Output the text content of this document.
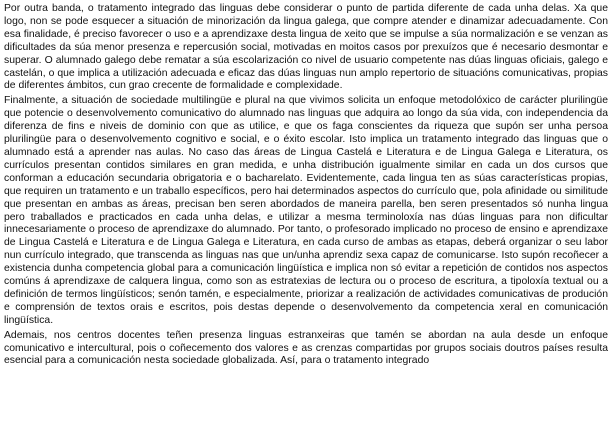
Por outra banda, o tratamento integrado das linguas debe considerar o punto de partida diferente de cada unha delas. Xa que logo, non se pode esquecer a situación de minorización da lingua galega, que compre atender e dinamizar adecuadamente. Con esa finalidade, é preciso favorecer o uso e a aprendizaxe desta lingua de xeito que se impulse a súa normalización e se venzan as dificultades da súa menor presenza e repercusión social, motivadas en moitos casos por prexuízos que é necesario desmontar e superar. O alumnado galego debe rematar a súa escolarización co nivel de usuario competente nas dúas linguas oficiais, galego e castelán, o que implica a utilización adecuada e eficaz das dúas linguas nun amplo repertorio de situacións comunicativas, propias de diferentes ámbitos, cun grao crecente de formalidade e complexidade.

Finalmente, a situación de sociedade multilingüe e plural na que vivimos solicita un enfoque metodolóxico de carácter plurilingüe que potencie o desenvolvemento comunicativo do alumnado nas linguas que adquira ao longo da súa vida, con independencia da diferenza de fins e niveis de dominio con que as utilice, e que os faga conscientes da riqueza que supón ser unha persoa plurilingüe para o desenvolvemento cognitivo e social, e o éxito escolar. Isto implica un tratamento integrado das linguas que o alumnado está a aprender nas aulas. No caso das áreas de Lingua Castelá e Literatura e de Lingua Galega e Literatura, os currículos presentan contidos similares en gran medida, e unha distribución igualmente similar en cada un dos cursos que conforman a educación secundaria obrigatoria e o bacharelato. Evidentemente, cada lingua ten as súas características propias, que requiren un tratamento e un traballo específicos, pero hai determinados aspectos do currículo que, pola afinidade ou similitude que presentan en ambas as áreas, precisan ben seren abordados de maneira parella, ben seren presentados só nunha lingua pero traballados e practicados en cada unha delas, e utilizar a mesma terminoloxía nas dúas linguas para non dificultar innecesariamente o proceso de aprendizaxe do alumnado. Por tanto, o profesorado implicado no proceso de ensino e aprendizaxe de Lingua Castelá e Literatura e de Lingua Galega e Literatura, en cada curso de ambas as etapas, deberá organizar o seu labor nun currículo integrado, que transcenda as linguas nas que un/unha aprendiz sexa capaz de comunicarse. Isto supón recoñecer a existencia dunha competencia global para a comunicación lingüística e implica non só evitar a repetición de contidos nos aspectos comúns á aprendizaxe de calquera lingua, como son as estratexias de lectura ou o proceso de escritura, a tipoloxía textual ou a definición de termos lingüísticos; senón tamén, e especialmente, priorizar a realización de actividades comunicativas de produción e comprensión de textos orais e escritos, pois destas depende o desenvolvemento da competencia xeral en comunicación lingüística.

Ademais, nos centros docentes teñen presenza linguas estranxeiras que tamén se abordan na aula desde un enfoque comunicativo e intercultural, pois o coñecemento dos valores e as crenzas compartidas por grupos sociais doutros países resulta esencial para a comunicación nesta sociedade globalizada. Así, para o tratamento integrado
